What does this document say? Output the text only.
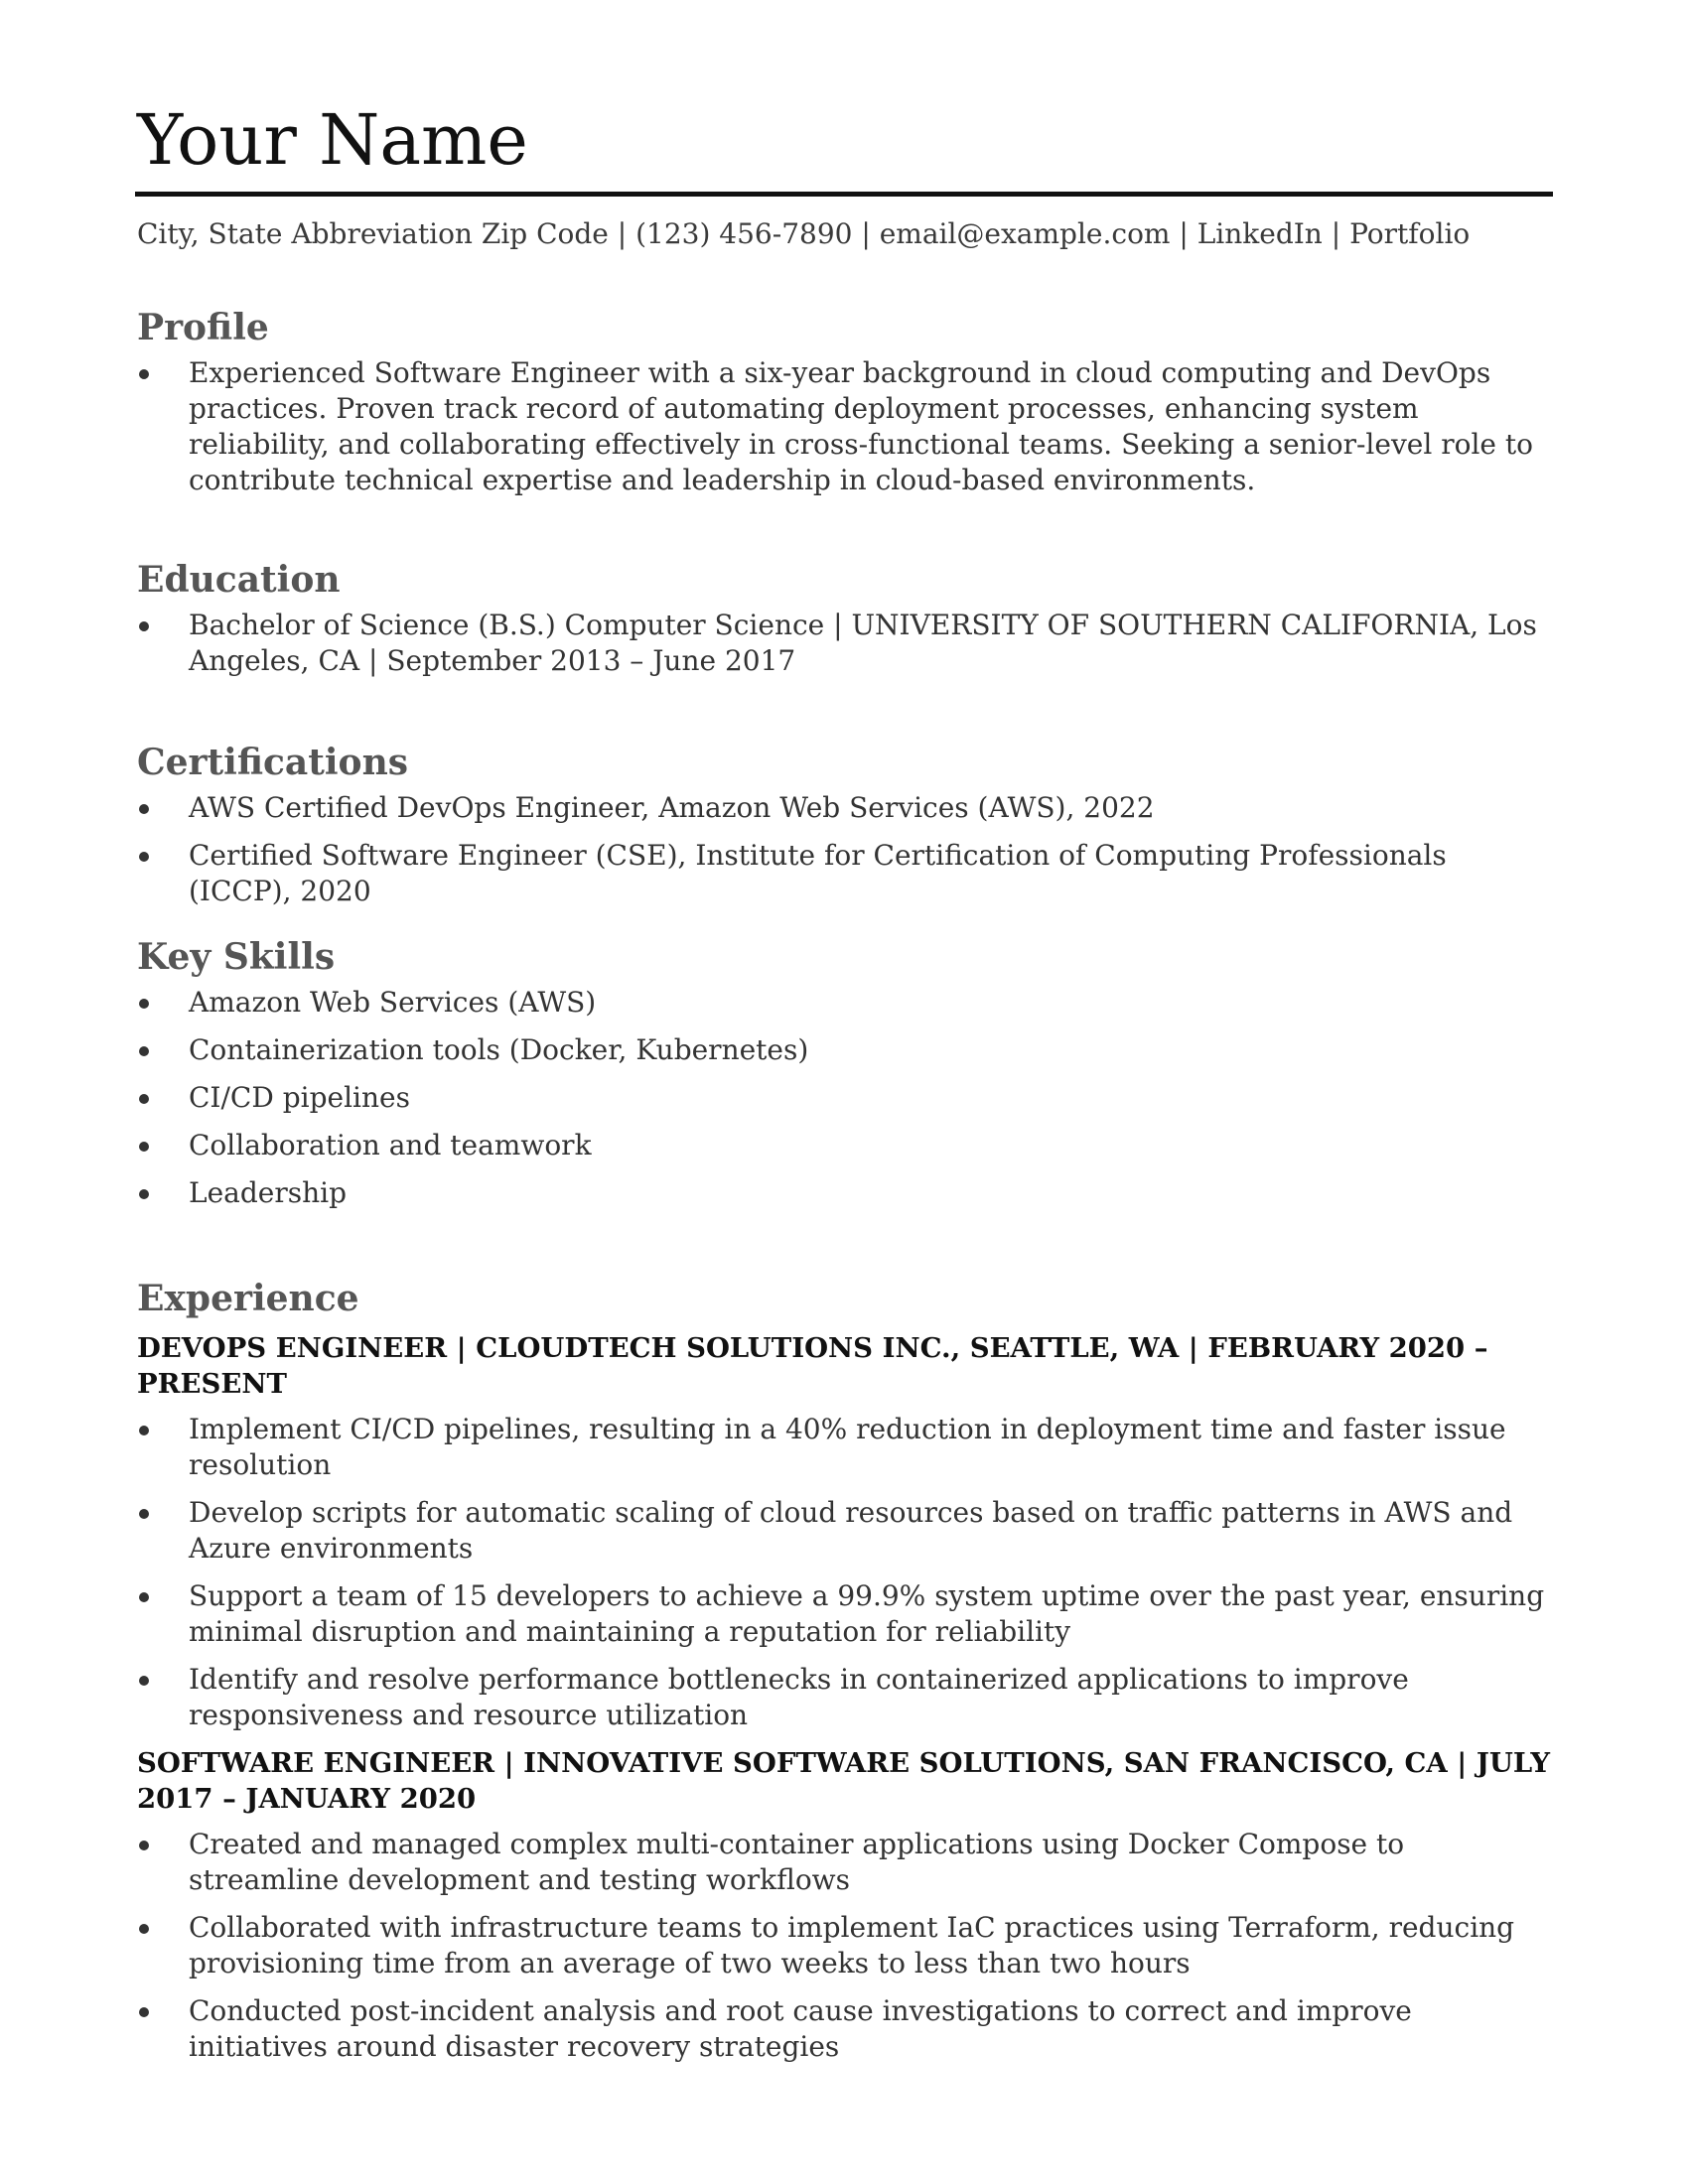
Your Name
City, State Abbreviation Zip Code | (123) 456-7890 | email@example.com | LinkedIn | Portfolio
Profile
Experienced Software Engineer with a six-year background in cloud computing and DevOps practices. Proven track record of automating deployment processes, enhancing system reliability, and collaborating effectively in cross-functional teams. Seeking a senior-level role to contribute technical expertise and leadership in cloud-based environments.
Education
Bachelor of Science (B.S.) Computer Science | UNIVERSITY OF SOUTHERN CALIFORNIA, Los Angeles, CA | September 2013 – June 2017
Certifications
AWS Certified DevOps Engineer, Amazon Web Services (AWS), 2022
Certified Software Engineer (CSE), Institute for Certification of Computing Professionals (ICCP), 2020
Key Skills
Amazon Web Services (AWS)
Containerization tools (Docker, Kubernetes)
CI/CD pipelines
Collaboration and teamwork
Leadership
Experience
DEVOPS ENGINEER | CLOUDTECH SOLUTIONS INC., SEATTLE, WA | FEBRUARY 2020 – PRESENT
Implement CI/CD pipelines, resulting in a 40% reduction in deployment time and faster issue resolution
Develop scripts for automatic scaling of cloud resources based on traffic patterns in AWS and Azure environments
Support a team of 15 developers to achieve a 99.9% system uptime over the past year, ensuring minimal disruption and maintaining a reputation for reliability
Identify and resolve performance bottlenecks in containerized applications to improve responsiveness and resource utilization
SOFTWARE ENGINEER | INNOVATIVE SOFTWARE SOLUTIONS, SAN FRANCISCO, CA | JULY 2017 – JANUARY 2020
Created and managed complex multi-container applications using Docker Compose to streamline development and testing workflows
Collaborated with infrastructure teams to implement IaC practices using Terraform, reducing provisioning time from an average of two weeks to less than two hours
Conducted post-incident analysis and root cause investigations to correct and improve initiatives around disaster recovery strategies
